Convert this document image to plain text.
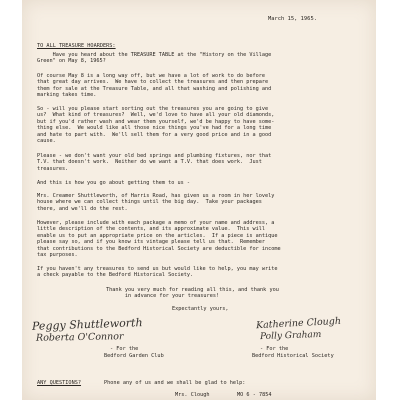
March 15, 1965.
TO ALL TREASURE HOARDERS:
Have you heard about the TREASURE TABLE at the "History on the Village
Green" on May 8, 1965?
Of course May 8 is a long way off, but we have a lot of work to do before
that great day arrives.  We have to collect the treasures and then prepare
them for sale at the Treasure Table, and all that washing and polishing and
marking takes time.
So - will you please start sorting out the treasures you are going to give
us?  What kind of treasures?  Well, we'd love to have all your old diamonds,
but if you'd rather wash and wear them yourself, we'd be happy to have some-
thing else.  We would like all those nice things you've had for a long time
and hate to part with.  We'll sell them for a very good price and in a good
cause.
Please - we don't want your old bed springs and plumbing fixtures, nor that
T.V. that doesn't work.  Neither do we want a T.V. that does work.  Just
treasures.
And this is how you go about getting them to us -
Mrs. Creamer Shuttleworth, of Harris Road, has given us a room in her lovely
house where we can collect things until the big day.  Take your packages
there, and we'll do the rest.
However, please include with each package a memo of your name and address, a
little description of the contents, and its approximate value.  This will
enable us to put an appropriate price on the articles.  If a piece is antique
please say so, and if you know its vintage please tell us that.  Remember
that contributions to the Bedford Historical Society are deductible for income
tax purposes.
If you haven't any treasures to send us but would like to help, you may write
a check payable to the Bedford Historical Society.
Thank you very much for reading all this, and thank you
in advance for your treasures!
Expectantly yours,
Peggy Shuttleworth
Roberta O'Connor
Katherine Clough
Polly Graham
- For the
Bedford Garden Club
- For the
Bedford Historical Society
ANY QUESTIONS?	Phone any of us and we shall be glad to help:
Mrs. Clough	MO 6 - 7854
